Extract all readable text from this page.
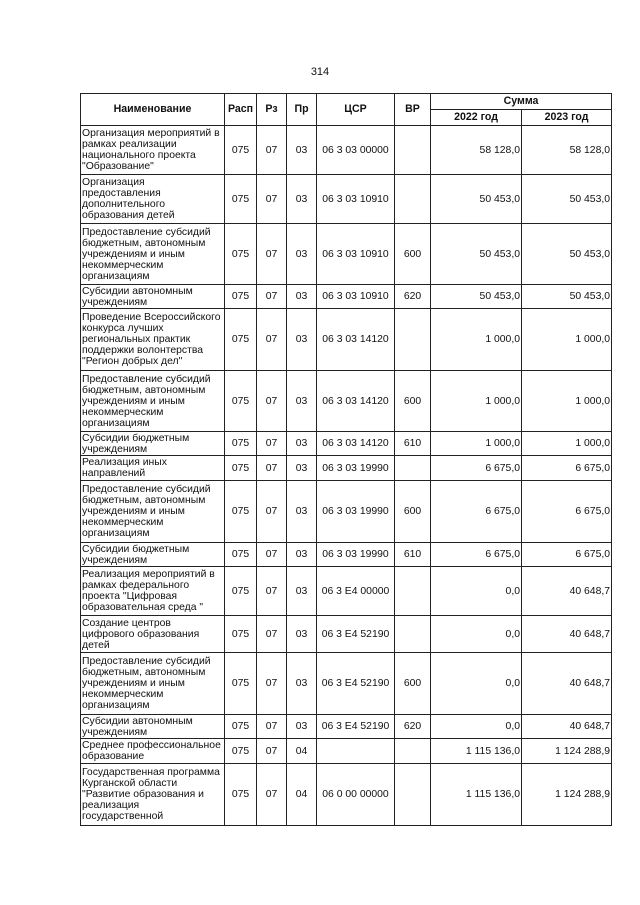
314
Наименование	Расп	Рз	Пр	ЦСР	ВР	Сумма	
						2022 год	2023 год
Организация мероприятий в рамках реализации национального проекта "Образование"	075	07	03	06 3 03 00000		58 128,0	58 128,0
Организация предоставления дополнительного образования детей	075	07	03	06 3 03 10910		50 453,0	50 453,0
Предоставление субсидий бюджетным, автономным учреждениям и иным некоммерческим организациям	075	07	03	06 3 03 10910	600	50 453,0	50 453,0
Субсидии автономным учреждениям	075	07	03	06 3 03 10910	620	50 453,0	50 453,0
Проведение Всероссийского конкурса лучших региональных практик поддержки волонтерства "Регион добрых дел"	075	07	03	06 3 03 14120		1 000,0	1 000,0
Предоставление субсидий бюджетным, автономным учреждениям и иным некоммерческим организациям	075	07	03	06 3 03 14120	600	1 000,0	1 000,0
Субсидии бюджетным учреждениям	075	07	03	06 3 03 14120	610	1 000,0	1 000,0
Реализация иных направлений	075	07	03	06 3 03 19990		6 675,0	6 675,0
Предоставление субсидий бюджетным, автономным учреждениям и иным некоммерческим организациям	075	07	03	06 3 03 19990	600	6 675,0	6 675,0
Субсидии бюджетным учреждениям	075	07	03	06 3 03 19990	610	6 675,0	6 675,0
Реализация мероприятий в рамках федерального проекта "Цифровая образовательная среда "	075	07	03	06 3 Е4 00000		0,0	40 648,7
Создание центров цифрового образования детей	075	07	03	06 3 Е4 52190		0,0	40 648,7
Предоставление субсидий бюджетным, автономным учреждениям и иным некоммерческим организациям	075	07	03	06 3 Е4 52190	600	0,0	40 648,7
Субсидии автономным учреждениям	075	07	03	06 3 Е4 52190	620	0,0	40 648,7
Среднее профессиональное образование	075	07	04			1 115 136,0	1 124 288,9
Государственная программа Курганской области "Развитие образования и реализация государственной	075	07	04	06 0 00 00000		1 115 136,0	1 124 288,9
